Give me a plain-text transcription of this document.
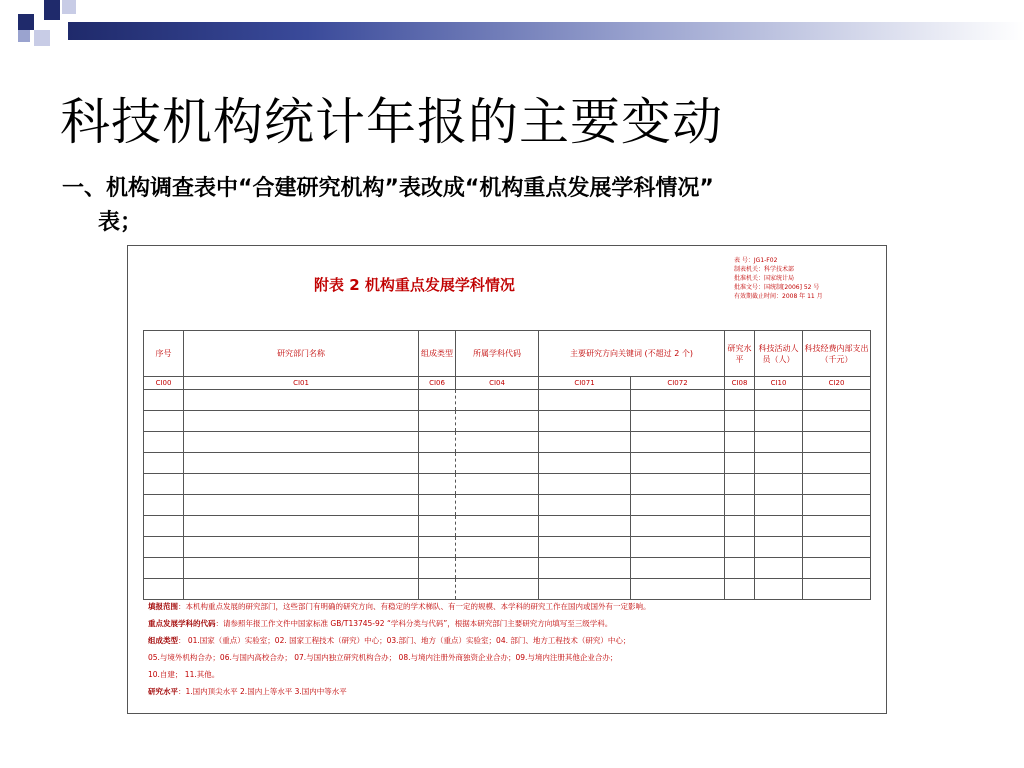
科技机构统计年报的主要变动
一、机构调查表中“合建研究机构”表改成“机构重点发展学科情况”
表；
附表 2 机构重点发展学科情况
表 号：JG1-F02
制表机关：科学技术部
批准机关：国家统计局
批准文号：国统制[2006] 52 号
有效期截止时间：2008 年 11 月
序号	研究部门名称	组成类型	所属学科代码	主要研究方向关键词 (不超过 2 个)		研究水平	科技活动人员（人）	科技经费内部支出（千元）
CI00	CI01	CI06	CI04	CI071	CI072	CI08	CI10	CI20

填报范围：本机构重点发展的研究部门，这些部门有明确的研究方向、有稳定的学术梯队、有一定的规模、本学科的研究工作在国内或国外有一定影响。
重点发展学科的代码：请参照年报工作文件中国家标准 GB/T13745-92 “学科分类与代码”，根据本研究部门主要研究方向填写至三级学科。
组成类型： 01.国家（重点）实验室；02. 国家工程技术（研究）中心；03.部门、地方（重点）实验室；04. 部门、地方工程技术（研究）中心；
05.与境外机构合办；06.与国内高校合办； 07.与国内独立研究机构合办； 08.与境内注册外商独资企业合办；09.与境内注册其他企业合办；
10.自建； 11.其他。
研究水平：1.国内顶尖水平 2.国内上等水平 3.国内中等水平
